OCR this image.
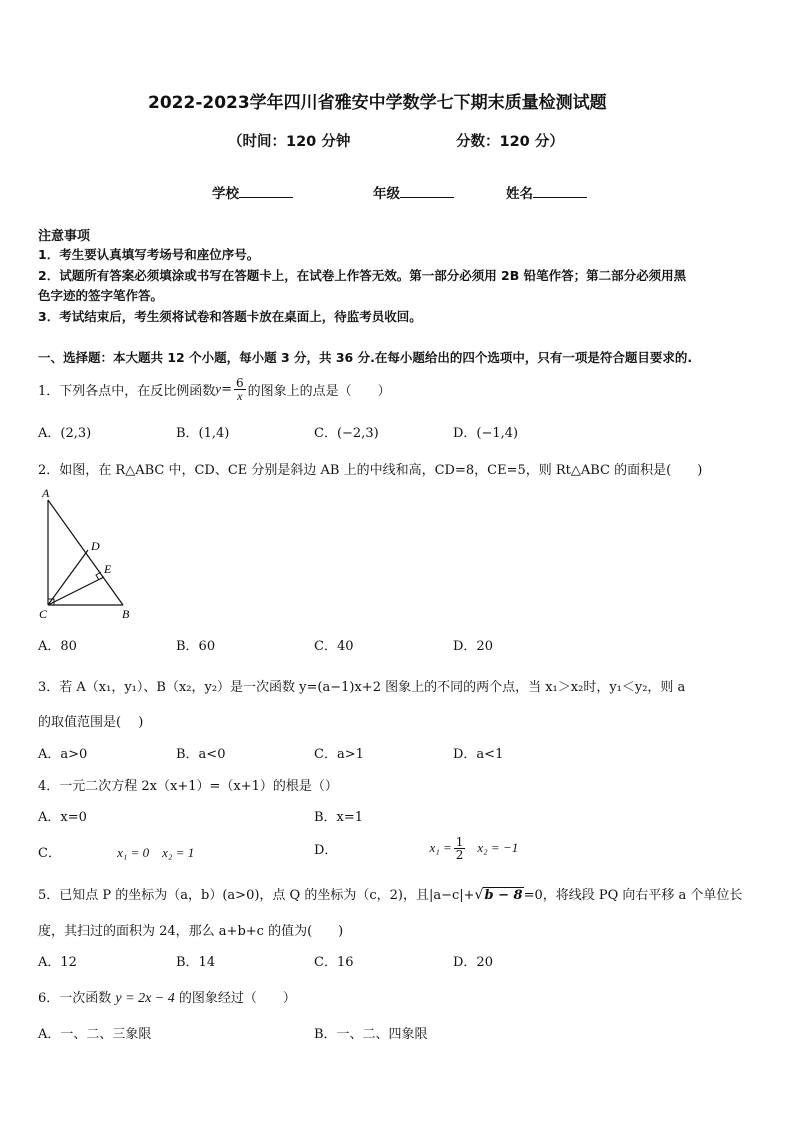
2022-2023学年四川省雅安中学数学七下期末质量检测试题
（时间：120 分钟	分数：120 分）
学校	年级	姓名
注意事项
1．考生要认真填写考场号和座位序号。
2．试题所有答案必须填涂或书写在答题卡上，在试卷上作答无效。第一部分必须用 2B 铅笔作答；第二部分必须用黑
色字迹的签字笔作答。
3．考试结束后，考生须将试卷和答题卡放在桌面上，待监考员收回。
一、选择题：本大题共 12 个小题，每小题 3 分，共 36 分.在每小题给出的四个选项中，只有一项是符合题目要求的.
1．下列各点中，在反比例函数 $y = \frac{6}{x}$ 的图象上的点是（　　）
A．(2,3)	B．(1,4)	C．(−2,3)	D．(−1,4)
2．如图，在 R△ABC 中，CD、CE 分别是斜边 AB 上的中线和高，CD=8，CE=5，则 Rt△ABC 的面积是(　　)
A
D
E
C	B
A．80	B．60	C．40	D．20
3．若 A（x₁，y₁）、B（x₂，y₂）是一次函数 y=(a−1)x+2 图象上的不同的两个点，当 x₁＞x₂时，y₁＜y₂，则 a
的取值范围是(　 )
A．a>0	B．a<0	C．a>1	D．a<1
4．一元二次方程 2x（x+1）=（x+1）的根是（）
A．x=0	B．x=1
C．	x₁ = 0　x₂ = 1	D．	$x_1 = \frac{1}{2} x_2 = -1$
5．已知点 P 的坐标为（a，b）(a>0)，点 Q 的坐标为（c，2)，且|a−c|+√b − 8=0，将线段 PQ 向右平移 a 个单位长
度，其扫过的面积为 24，那么 a+b+c 的值为(　　)
A．12	B．14	C．16	D．20
6．一次函数 y = 2x − 4 的图象经过（　　）
A．一、二、三象限	B．一、二、四象限
